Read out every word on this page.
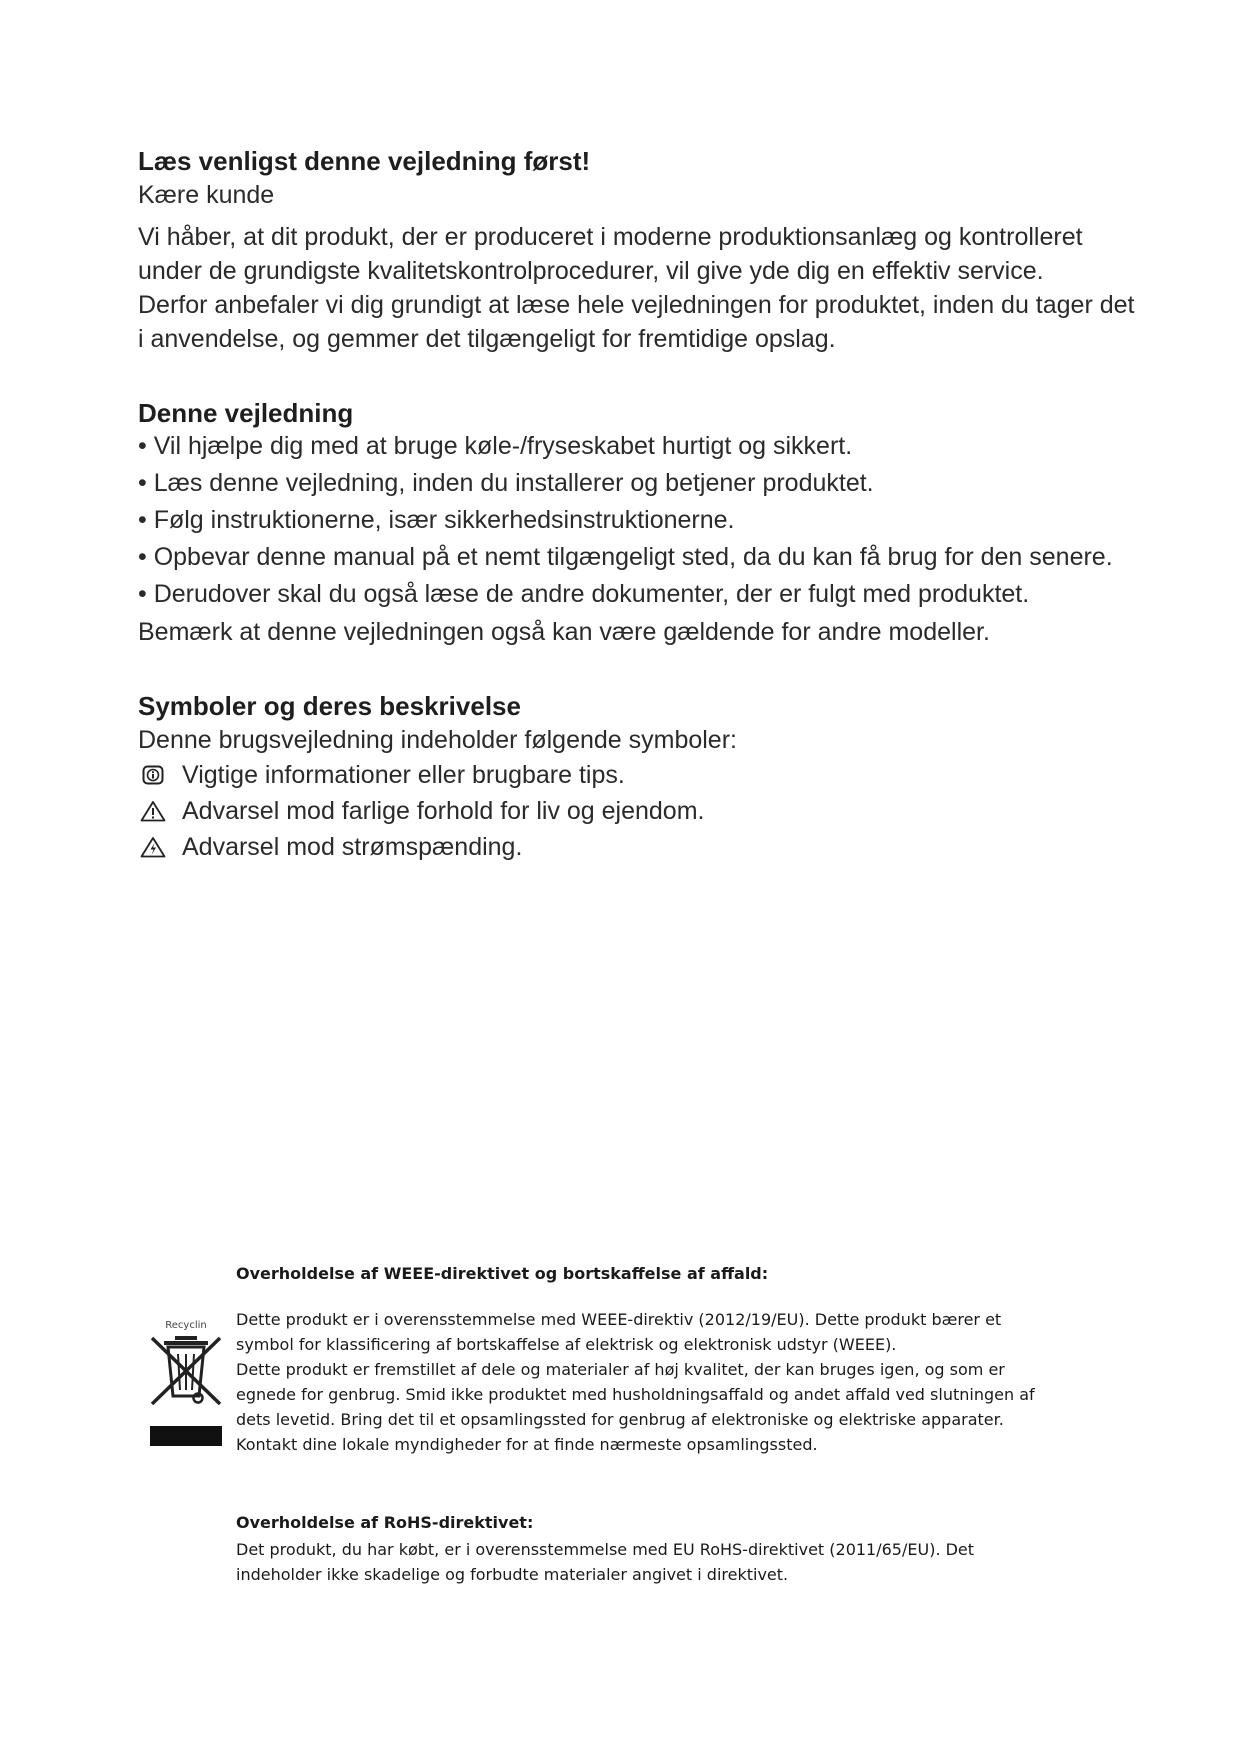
Læs venligst denne vejledning først!

Kære kunde

Vi håber, at dit produkt, der er produceret i moderne produktionsanlæg og kontrolleret under de grundigste kvalitetskontrolprocedurer, vil give yde dig en effektiv service.

Derfor anbefaler vi dig grundigt at læse hele vejledningen for produktet, inden du tager det i anvendelse, og gemmer det tilgængeligt for fremtidige opslag.

Denne vejledning

• Vil hjælpe dig med at bruge køle-/fryseskabet hurtigt og sikkert.

• Læs denne vejledning, inden du installerer og betjener produktet.

• Følg instruktionerne, især sikkerhedsinstruktionerne.

• Opbevar denne manual på et nemt tilgængeligt sted, da du kan få brug for den senere.

• Derudover skal du også læse de andre dokumenter, der er fulgt med produktet.

Bemærk at denne vejledningen også kan være gældende for andre modeller.

Symboler og deres beskrivelse

Denne brugsvejledning indeholder følgende symboler:

Vigtige informationer eller brugbare tips.
Advarsel mod farlige forhold for liv og ejendom.
Advarsel mod strømspænding.
Overholdelse af WEEE-direktivet og bortskaffelse af affald:
Recyclin Dette produkt er i overensstemmelse med WEEE-direktiv (2012/19/EU). Dette produkt bærer et
symbol for klassificering af bortskaffelse af elektrisk og elektronisk udstyr (WEEE).
Dette produkt er fremstillet af dele og materialer af høj kvalitet, der kan bruges igen, og som er
egnede for genbrug. Smid ikke produktet med husholdningsaffald og andet affald ved slutningen af
dets levetid. Bring det til et opsamlingssted for genbrug af elektroniske og elektriske apparater.
Kontakt dine lokale myndigheder for at finde nærmeste opsamlingssted.
Overholdelse af RoHS-direktivet:
Det produkt, du har købt, er i overensstemmelse med EU RoHS-direktivet (2011/65/EU). Det
indeholder ikke skadelige og forbudte materialer angivet i direktivet.
